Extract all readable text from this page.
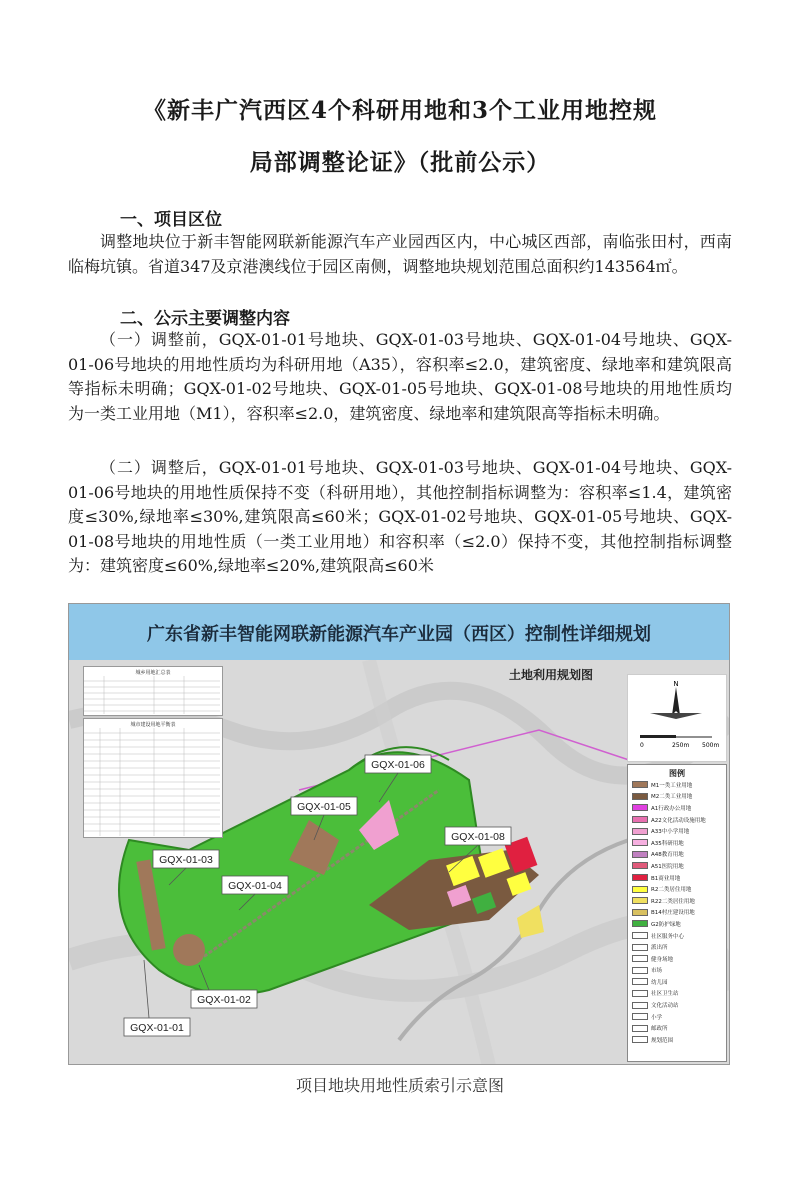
《新丰广汽西区4个科研用地和3个工业用地控规
局部调整论证》（批前公示）
一、项目区位
调整地块位于新丰智能网联新能源汽车产业园西区内，中心城区西部，南临张田村，西南临梅坑镇。省道347及京港澳线位于园区南侧，调整地块规划范围总面积约143564㎡。
二、公示主要调整内容
（一）调整前，GQX-01-01号地块、GQX-01-03号地块、GQX-01-04号地块、GQX-01-06号地块的用地性质均为科研用地（A35），容积率≤2.0，建筑密度、绿地率和建筑限高等指标未明确；GQX-01-02号地块、GQX-01-05号地块、GQX-01-08号地块的用地性质均为一类工业用地（M1），容积率≤2.0，建筑密度、绿地率和建筑限高等指标未明确。
（二）调整后，GQX-01-01号地块、GQX-01-03号地块、GQX-01-04号地块、GQX-01-06号地块的用地性质保持不变（科研用地），其他控制指标调整为：容积率≤1.4，建筑密度≤30%,绿地率≤30%,建筑限高≤60米；GQX-01-02号地块、GQX-01-05号地块、GQX-01-08号地块的用地性质（一类工业用地）和容积率（≤2.0）保持不变，其他控制指标调整为：建筑密度≤60%,绿地率≤20%,建筑限高≤60米
广东省新丰智能网联新能源汽车产业园（西区）控制性详细规划
GQX-01-06
GQX-01-05
GQX-01-08
GQX-01-03
GQX-01-04
GQX-01-02
GQX-01-01
城乡用地汇总表
城市建设用地平衡表
土地利用规划图
N
0	250m 500m
图例
M1一类工业用地
M2二类工业用地
A1行政办公用地
A22文化活动设施用地
A33中小学用地
A35科研用地
A48教育用地
A51医院用地
B1商业用地
R2二类居住用地
R22二类居住用地
B14村庄建设用地
G2防护绿地
社区服务中心
派出所
健身场地
市场
幼儿园
社区卫生站
文化活动站
小学
邮政所
规划范围
项目地块用地性质索引示意图
